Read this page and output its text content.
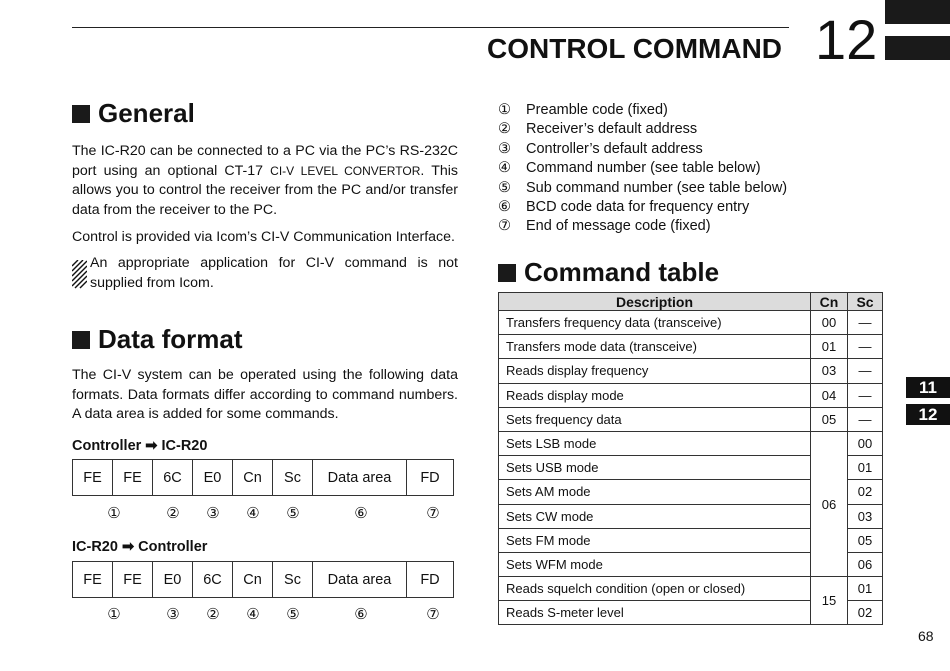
CONTROL COMMAND 12
General
The IC-R20 can be connected to a PC via the PC’s RS-232C port using an optional CT-17 CI-V LEVEL CONVERTOR. This allows you to control the receiver from the PC and/or transfer data from the receiver to the PC.
Control is provided via Icom’s CI-V Communication Interface.
An appropriate application for CI-V command is not supplied from Icom.
Data format
The CI-V system can be operated using the following data formats. Data formats differ according to command numbers. A data area is added for some commands.
Controller ➡ IC-R20
FE	FE	6C	E0	Cn	Sc	Data area	FD
①	② ③ ④ ⑤	⑥	⑦
IC-R20 ➡ Controller
FE	FE	E0	6C	Cn	Sc	Data area	FD
①	③ ② ④ ⑤	⑥	⑦
①	Preamble code (fixed)
②	Receiver’s default address
③	Controller’s default address
④	Command number (see table below)
⑤	Sub command number (see table below)
⑥	BCD code data for frequency entry
⑦	End of message code (fixed)
Command table
Description	Cn	Sc
Transfers frequency data (transceive)	00	—
Transfers mode data (transceive)	01	—
Reads display frequency	03	—
Reads display mode	04	—
Sets frequency data	05	—
Sets LSB mode	06	00
Sets USB mode		01
Sets AM mode		02
Sets CW mode		03
Sets FM mode		05
Sets WFM mode		06
Reads squelch condition (open or closed)	15	01
Reads S-meter level		02
11
12
68
